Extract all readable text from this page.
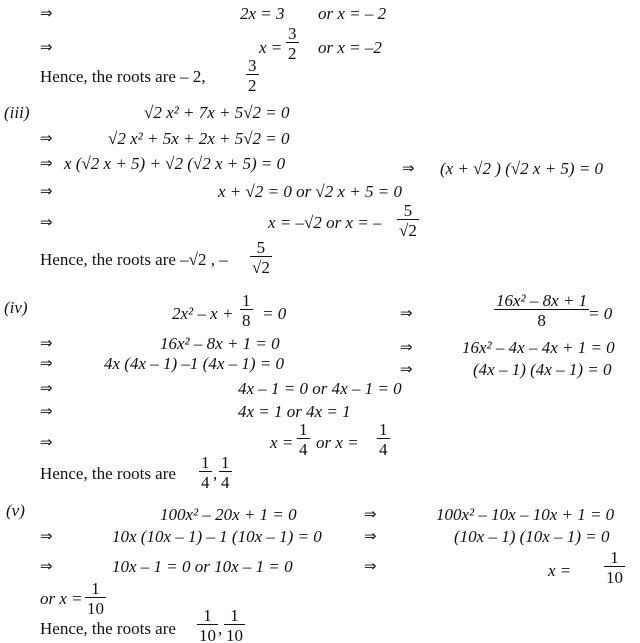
⇒	2x = 3 or x = – 2
⇒	$x = \frac{3}{2}$ or x = –2
Hence, the roots are – 2, $\frac{3}{2}$
(iii)	√2 x² + 7x + 5√2 = 0
⇒	√2 x² + 5x + 2x + 5√2 = 0
⇒ x (√2 x + 5) + √2 (√2 x + 5) = 0	⇒ (x + √2 ) (√2 x + 5) = 0
⇒	x + √2 = 0 or √2 x + 5 = 0
⇒	x = –√2 or x = – $\frac{5}{√2}$
Hence, the roots are –√2 , – $\frac{5}{√2}$
(iv)	$2x^2 - x + \frac{1}{8} = 0$	⇒	$\frac{\text{16x² – 8x + 1}}{8}$
= 0
⇒	16x² – 8x + 1 = 0	⇒	16x² – 4x – 4x + 1 = 0
⇒	4x (4x – 1) –1 (4x – 1) = 0	⇒	(4x – 1) (4x – 1) = 0
⇒	4x – 1 = 0 or 4x – 1 = 0
⇒	4x = 1 or 4x = 1
⇒	$x = \frac{1}{4}$ or $x = \frac{1}{4}$
Hence, the roots are $\frac{1}{4}$ , $\frac{1}{4}$
(v)	100x² – 20x + 1 = 0	⇒	100x² – 10x – 10x + 1 = 0
⇒	10x (10x – 1) – 1 (10x – 1) = 0	⇒	(10x – 1) (10x – 1) = 0
⇒	10x – 1 = 0 or 10x – 1 = 0	⇒	$x = \frac{1}{10}$
or $x = \frac{1}{10}$
Hence, the roots are $\frac{1}{10}$ , $\frac{1}{10}$
